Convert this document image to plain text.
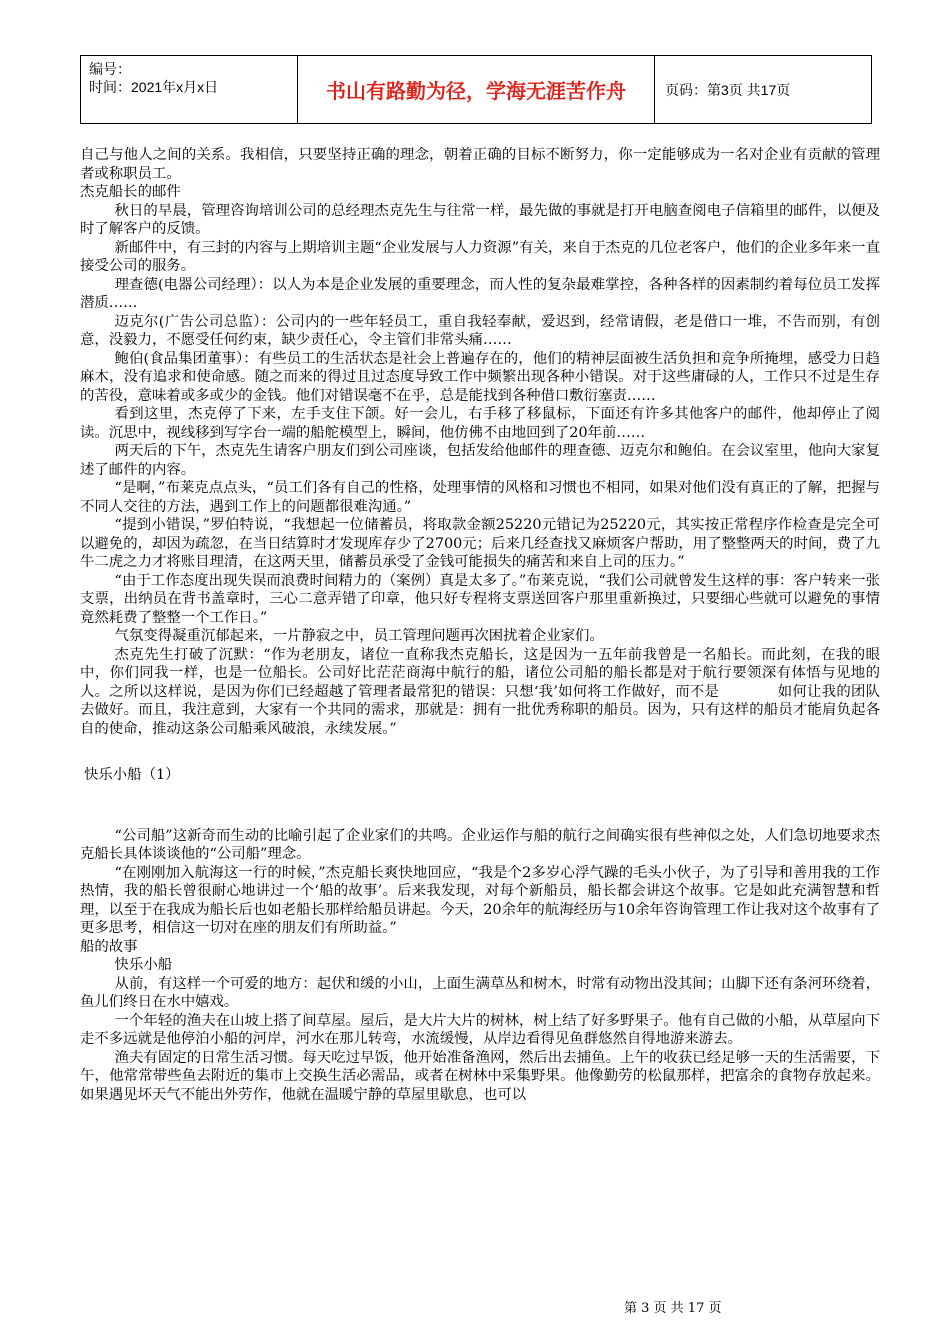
编号：
时间：2021年x月x日	书山有路勤为径，学海无涯苦作舟	页码：第3页 共17页

自己与他人之间的关系。我相信，只要坚持正确的理念，朝着正确的目标不断努力，你一定能够成为一名对企业有贡献的管理者或称职员工。

杰克船长的邮件

秋日的早晨，管理咨询培训公司的总经理杰克先生与往常一样，最先做的事就是打开电脑查阅电子信箱里的邮件，以便及时了解客户的反馈。

新邮件中，有三封的内容与上期培训主题“企业发展与人力资源”有关，来自于杰克的几位老客户，他们的企业多年来一直接受公司的服务。

理查德(电器公司经理）：以人为本是企业发展的重要理念，而人性的复杂最难掌控，各种各样的因素制约着每位员工发挥潜质……

迈克尔(广告公司总监）：公司内的一些年轻员工，重自我轻奉献，爱迟到，经常请假，老是借口一堆，不告而别，有创意，没毅力，不愿受任何约束，缺少责任心，令主管们非常头痛……

鲍伯(食品集团董事）：有些员工的生活状态是社会上普遍存在的，他们的精神层面被生活负担和竞争所掩埋，感受力日趋麻木，没有追求和使命感。随之而来的得过且过态度导致工作中频繁出现各种小错误。对于这些庸碌的人，工作只不过是生存的苦役，意味着或多或少的金钱。他们对错误毫不在乎，总是能找到各种借口敷衍塞责……

看到这里，杰克停了下来，左手支住下颌。好一会儿，右手移了移鼠标，下面还有许多其他客户的邮件，他却停止了阅读。沉思中，视线移到写字台一端的船舵模型上，瞬间，他仿佛不由地回到了20年前……

两天后的下午，杰克先生请客户朋友们到公司座谈，包括发给他邮件的理查德、迈克尔和鲍伯。在会议室里，他向大家复述了邮件的内容。

“是啊，”布莱克点点头，“员工们各有自己的性格，处理事情的风格和习惯也不相同，如果对他们没有真正的了解，把握与不同人交往的方法，遇到工作上的问题都很难沟通。”

“提到小错误，”罗伯特说，“我想起一位储蓄员，将取款金额25220元错记为25220元，其实按正常程序作检查是完全可以避免的，却因为疏忽，在当日结算时才发现库存少了2700元；后来几经查找又麻烦客户帮助，用了整整两天的时间，费了九牛二虎之力才将账目理清，在这两天里，储蓄员承受了金钱可能损失的痛苦和来自上司的压力。”

“由于工作态度出现失误而浪费时间精力的（案例）真是太多了。”布莱克说，“我们公司就曾发生这样的事：客户转来一张支票，出纳员在背书盖章时，三心二意弄错了印章，他只好专程将支票送回客户那里重新换过，只要细心些就可以避免的事情竟然耗费了整整一个工作日。”

气氛变得凝重沉郁起来，一片静寂之中，员工管理问题再次困扰着企业家们。

杰克先生打破了沉默：“作为老朋友，诸位一直称我杰克船长，这是因为一五年前我曾是一名船长。而此刻，在我的眼中，你们同我一样，也是一位船长。公司好比茫茫商海中航行的船，诸位公司船的船长都是对于航行要领深有体悟与见地的人。之所以这样说，是因为你们已经超越了管理者最常犯的错误：只想‘我’如何将工作做好，而不是　　　　如何让我的团队去做好。而且，我注意到，大家有一个共同的需求，那就是：拥有一批优秀称职的船员。因为，只有这样的船员才能肩负起各自的使命，推动这条公司船乘风破浪，永续发展。”

快乐小船（1）

“公司船”这新奇而生动的比喻引起了企业家们的共鸣。企业运作与船的航行之间确实很有些神似之处，人们急切地要求杰克船长具体谈谈他的“公司船”理念。

“在刚刚加入航海这一行的时候，”杰克船长爽快地回应，“我是个2多岁心浮气躁的毛头小伙子，为了引导和善用我的工作热情，我的船长曾很耐心地讲过一个‘船的故事’。后来我发现，对每个新船员，船长都会讲这个故事。它是如此充满智慧和哲理，以至于在我成为船长后也如老船长那样给船员讲起。今天，20余年的航海经历与10余年咨询管理工作让我对这个故事有了更多思考，相信这一切对在座的朋友们有所助益。”

船的故事

快乐小船

从前，有这样一个可爱的地方：起伏和缓的小山，上面生满草丛和树木，时常有动物出没其间；山脚下还有条河环绕着，鱼儿们终日在水中嬉戏。

一个年轻的渔夫在山坡上搭了间草屋。屋后，是大片大片的树林，树上结了好多野果子。他有自己做的小船，从草屋向下走不多远就是他停泊小船的河岸，河水在那儿转弯，水流缓慢，从岸边看得见鱼群悠然自得地游来游去。

渔夫有固定的日常生活习惯。每天吃过早饭，他开始准备渔网，然后出去捕鱼。上午的收获已经足够一天的生活需要，下午，他常常带些鱼去附近的集市上交换生活必需品，或者在树林中采集野果。他像勤劳的松鼠那样，把富余的食物存放起来。如果遇见坏天气不能出外劳作，他就在温暖宁静的草屋里歇息，也可以

第 3 页 共 17 页
